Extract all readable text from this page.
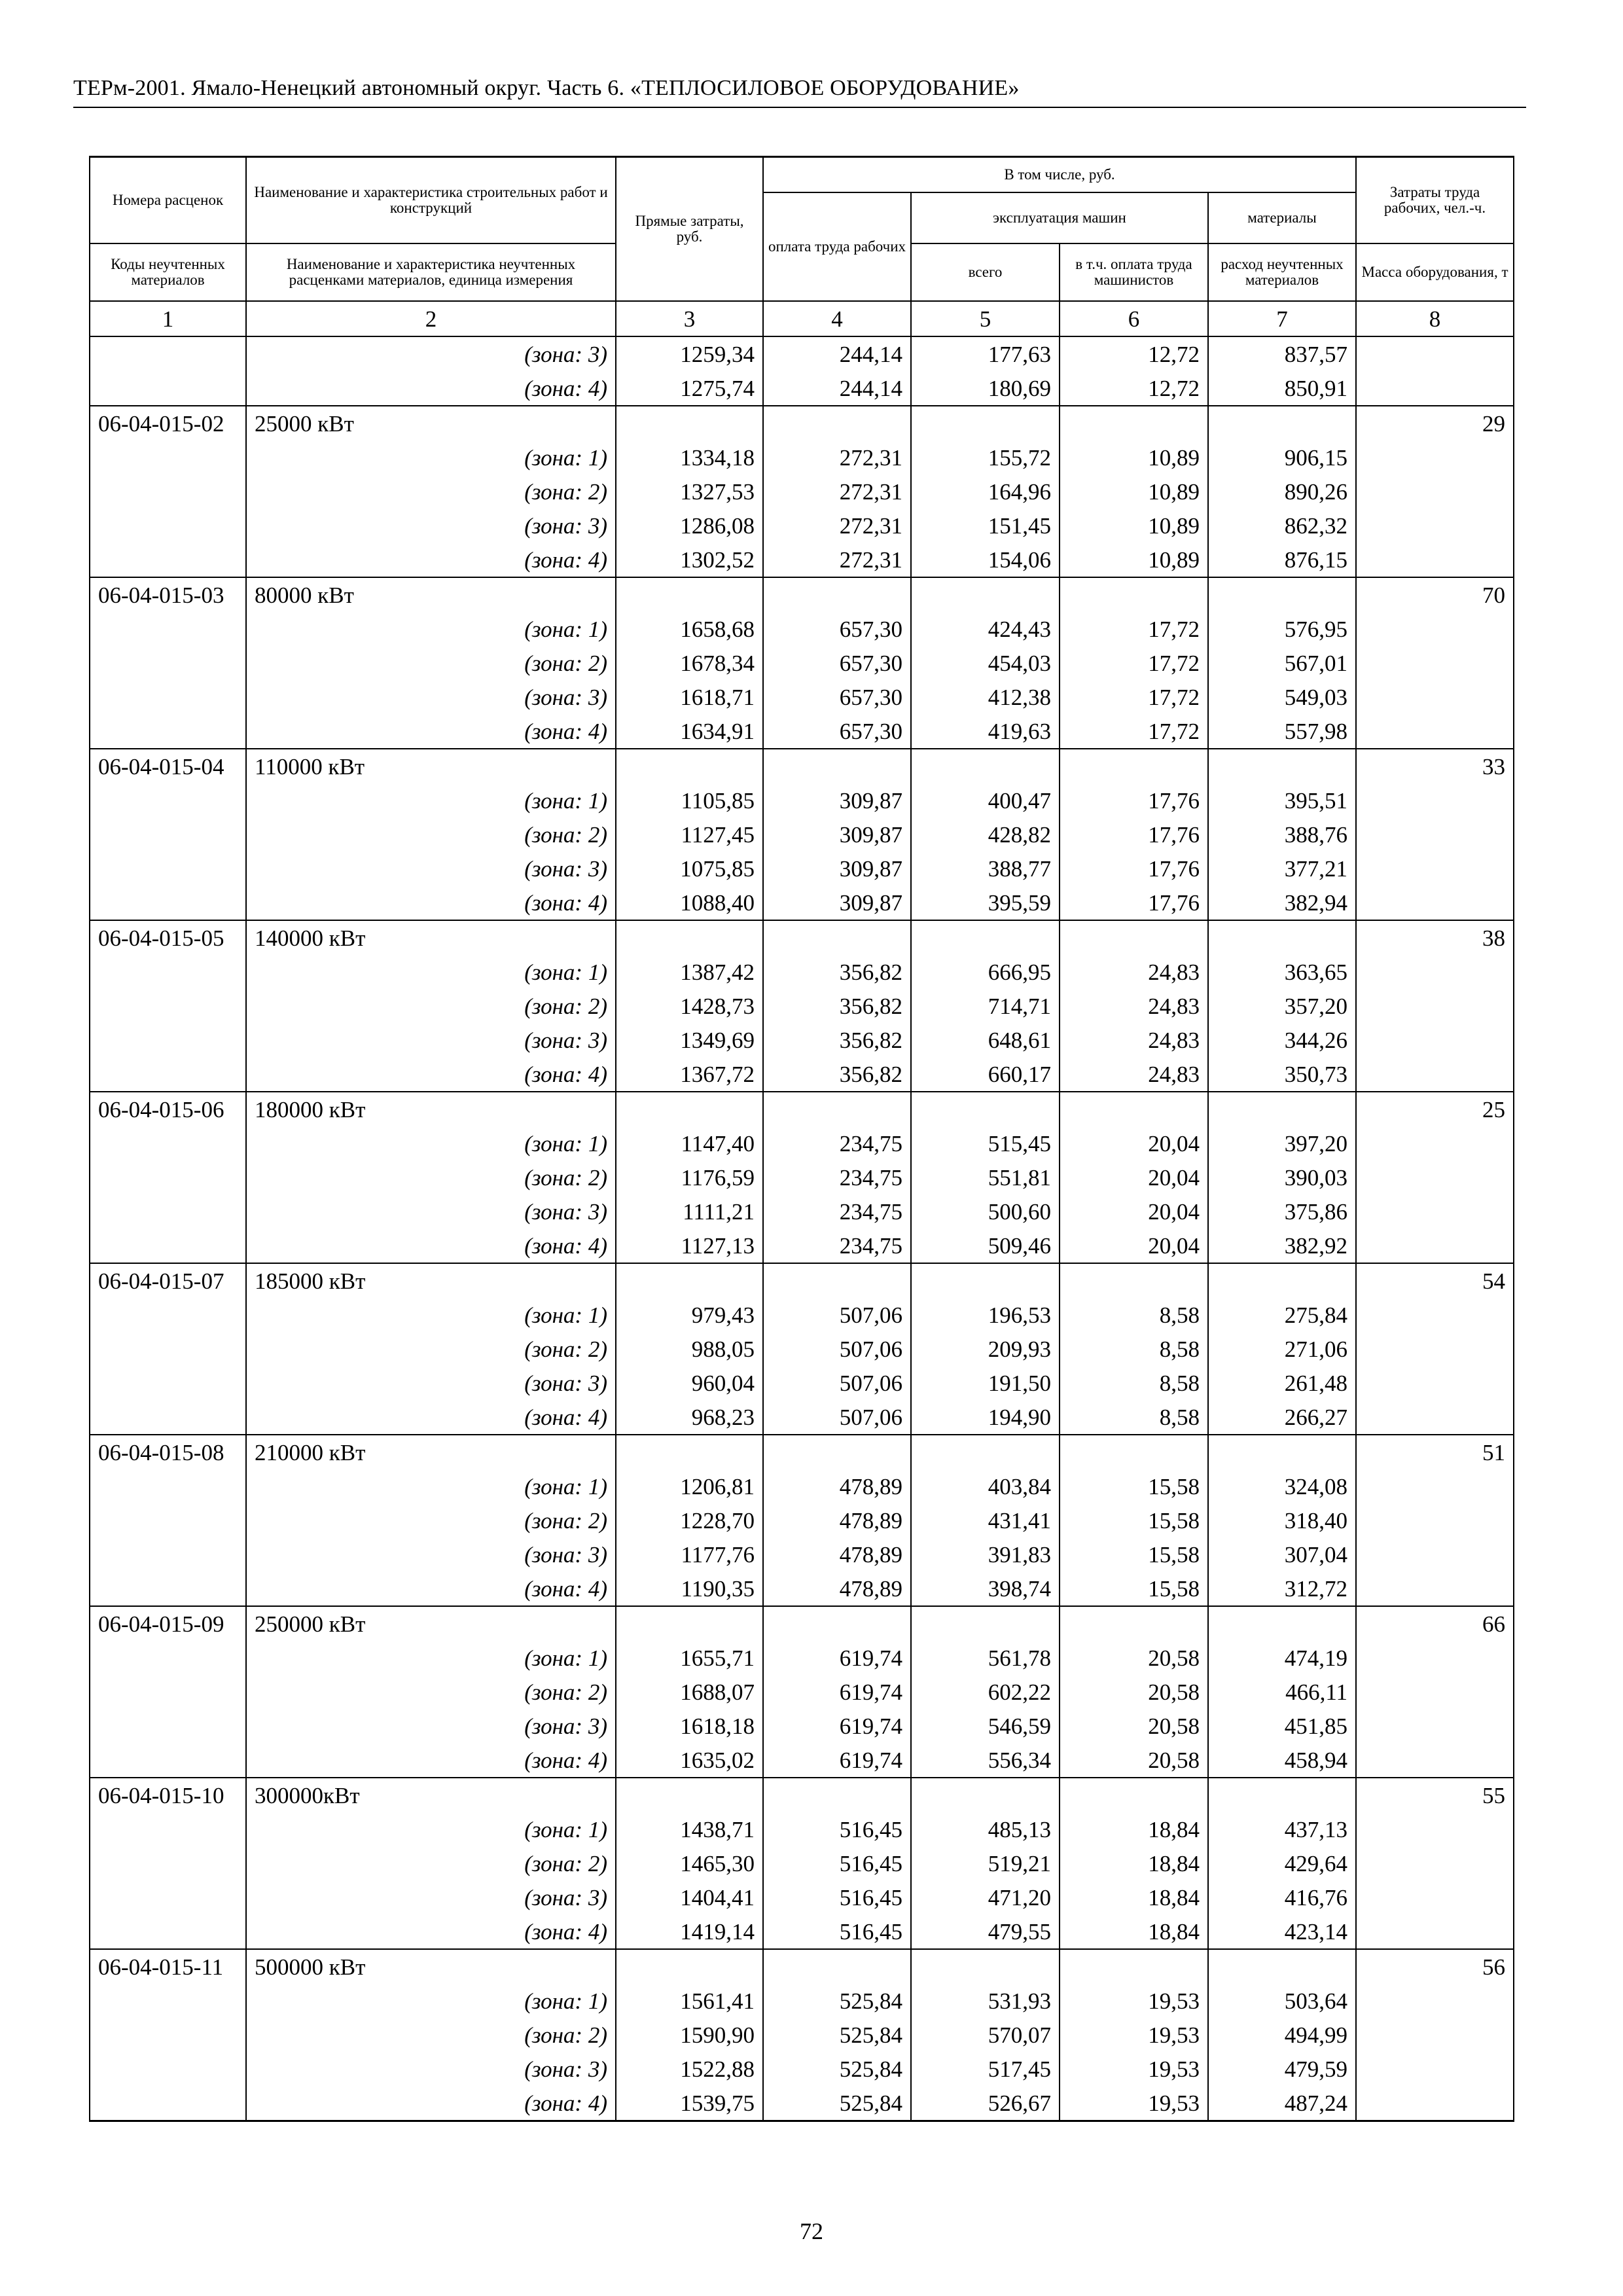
ТЕРм-2001. Ямало-Ненецкий автономный округ. Часть 6. «ТЕПЛОСИЛОВОЕ ОБОРУДОВАНИЕ»
Номера расценок	Наименование и характеристика строительных работ и конструкций	Прямые затраты, руб.	В том числе, руб.				Затраты труда рабочих, чел.-ч.
			оплата труда рабочих	эксплуатация машин		материалы	
Коды неучтенных материалов	Наименование и характеристика неучтенных расценками материалов, единица измерения			всего	в т.ч. оплата труда машинистов	расход неучтенных материалов	Масса оборудования, т

1	2	3	4	5	6	7	8
	(зона: 3)	1259,34	244,14	177,63	12,72	837,57	
	(зона: 4)	1275,74	244,14	180,69	12,72	850,91	
06-04-015-02	25000 кВт						29
	(зона: 1)	1334,18	272,31	155,72	10,89	906,15	
	(зона: 2)	1327,53	272,31	164,96	10,89	890,26	
	(зона: 3)	1286,08	272,31	151,45	10,89	862,32	
	(зона: 4)	1302,52	272,31	154,06	10,89	876,15	
06-04-015-03	80000 кВт						70
	(зона: 1)	1658,68	657,30	424,43	17,72	576,95	
	(зона: 2)	1678,34	657,30	454,03	17,72	567,01	
	(зона: 3)	1618,71	657,30	412,38	17,72	549,03	
	(зона: 4)	1634,91	657,30	419,63	17,72	557,98	
06-04-015-04	110000 кВт						33
	(зона: 1)	1105,85	309,87	400,47	17,76	395,51	
	(зона: 2)	1127,45	309,87	428,82	17,76	388,76	
	(зона: 3)	1075,85	309,87	388,77	17,76	377,21	
	(зона: 4)	1088,40	309,87	395,59	17,76	382,94	
06-04-015-05	140000 кВт						38
	(зона: 1)	1387,42	356,82	666,95	24,83	363,65	
	(зона: 2)	1428,73	356,82	714,71	24,83	357,20	
	(зона: 3)	1349,69	356,82	648,61	24,83	344,26	
	(зона: 4)	1367,72	356,82	660,17	24,83	350,73	
06-04-015-06	180000 кВт						25
	(зона: 1)	1147,40	234,75	515,45	20,04	397,20	
	(зона: 2)	1176,59	234,75	551,81	20,04	390,03	
	(зона: 3)	1111,21	234,75	500,60	20,04	375,86	
	(зона: 4)	1127,13	234,75	509,46	20,04	382,92	
06-04-015-07	185000 кВт						54
	(зона: 1)	979,43	507,06	196,53	8,58	275,84	
	(зона: 2)	988,05	507,06	209,93	8,58	271,06	
	(зона: 3)	960,04	507,06	191,50	8,58	261,48	
	(зона: 4)	968,23	507,06	194,90	8,58	266,27	
06-04-015-08	210000 кВт						51
	(зона: 1)	1206,81	478,89	403,84	15,58	324,08	
	(зона: 2)	1228,70	478,89	431,41	15,58	318,40	
	(зона: 3)	1177,76	478,89	391,83	15,58	307,04	
	(зона: 4)	1190,35	478,89	398,74	15,58	312,72	
06-04-015-09	250000 кВт						66
	(зона: 1)	1655,71	619,74	561,78	20,58	474,19	
	(зона: 2)	1688,07	619,74	602,22	20,58	466,11	
	(зона: 3)	1618,18	619,74	546,59	20,58	451,85	
	(зона: 4)	1635,02	619,74	556,34	20,58	458,94	
06-04-015-10	300000кВт						55
	(зона: 1)	1438,71	516,45	485,13	18,84	437,13	
	(зона: 2)	1465,30	516,45	519,21	18,84	429,64	
	(зона: 3)	1404,41	516,45	471,20	18,84	416,76	
	(зона: 4)	1419,14	516,45	479,55	18,84	423,14	
06-04-015-11	500000 кВт						56
	(зона: 1)	1561,41	525,84	531,93	19,53	503,64	
	(зона: 2)	1590,90	525,84	570,07	19,53	494,99	
	(зона: 3)	1522,88	525,84	517,45	19,53	479,59	
	(зона: 4)	1539,75	525,84	526,67	19,53	487,24	
72
